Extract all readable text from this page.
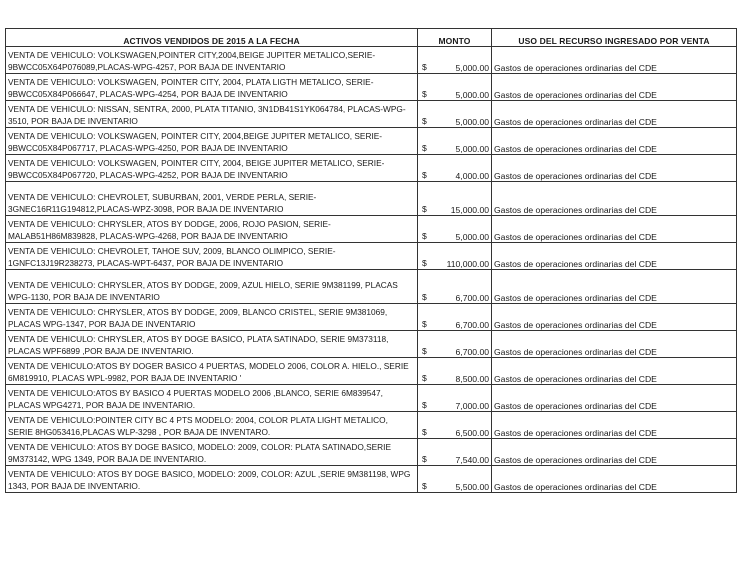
ACTIVOS VENDIDOS DE 2015 A LA FECHA	MONTO	USO DEL RECURSO INGRESADO POR VENTA
VENTA DE VEHICULO: VOLKSWAGEN,POINTER CITY,2004,BEIGE JUPITER METALICO,SERIE-9BWCC05X64P076089,PLACAS-WPG-4257, POR BAJA DE INVENTARIO	$ 5,000.00	Gastos de operaciones ordinarias del CDE
VENTA DE VEHICULO: VOLKSWAGEN, POINTER CITY, 2004, PLATA LIGTH METALICO, SERIE-9BWCC05X84P066647, PLACAS-WPG-4254, POR BAJA DE INVENTARIO	$ 5,000.00	Gastos de operaciones ordinarias del CDE
VENTA DE VEHICULO: NISSAN, SENTRA, 2000, PLATA TITANIO, 3N1DB41S1YK064784, PLACAS-WPG-3510, POR BAJA DE INVENTARIO	$ 5,000.00	Gastos de operaciones ordinarias del CDE
VENTA DE VEHICULO: VOLKSWAGEN, POINTER CITY, 2004,BEIGE JUPITER METALICO, SERIE-9BWCC05X84P067717, PLACAS-WPG-4250, POR BAJA DE INVENTARIO	$ 5,000.00	Gastos de operaciones ordinarias del CDE
VENTA DE VEHICULO: VOLKSWAGEN, POINTER CITY, 2004, BEIGE JUPITER METALICO, SERIE-9BWCC05X84P067720, PLACAS-WPG-4252, POR BAJA DE INVENTARIO	$ 4,000.00	Gastos de operaciones ordinarias del CDE
VENTA DE VEHICULO: CHEVROLET, SUBURBAN, 2001, VERDE PERLA, SERIE-3GNEC16R11G194812,PLACAS-WPZ-3098, POR BAJA DE INVENTARIO	$ 15,000.00	Gastos de operaciones ordinarias del CDE
VENTA DE VEHICULO: CHRYSLER, ATOS BY DODGE, 2006, ROJO PASION, SERIE-MALAB51H86M839828, PLACAS-WPG-4268, POR BAJA DE INVENTARIO	$ 5,000.00	Gastos de operaciones ordinarias del CDE
VENTA DE VEHICULO: CHEVROLET, TAHOE SUV, 2009, BLANCO OLIMPICO, SERIE-1GNFC13J19R238273, PLACAS-WPT-6437, POR BAJA DE INVENTARIO	$ 110,000.00	Gastos de operaciones ordinarias del CDE
VENTA DE VEHICULO: CHRYSLER, ATOS BY DODGE, 2009, AZUL HIELO, SERIE 9M381199, PLACAS WPG-1130, POR BAJA DE INVENTARIO	$ 6,700.00	Gastos de operaciones ordinarias del CDE
VENTA DE VEHICULO: CHRYSLER, ATOS BY DODGE, 2009, BLANCO CRISTEL, SERIE 9M381069, PLACAS WPG-1347, POR BAJA DE INVENTARIO	$ 6,700.00	Gastos de operaciones ordinarias del CDE
VENTA DE VEHICULO: CHRYSLER, ATOS BY DOGE BASICO, PLATA SATINADO, SERIE 9M373118, PLACAS WPF6899 ,POR BAJA DE INVENTARIO.	$ 6,700.00	Gastos de operaciones ordinarias del CDE
VENTA DE VEHICULO:ATOS BY DOGER BASICO 4 PUERTAS, MODELO 2006, COLOR A. HIELO., SERIE 6M819910, PLACAS WPL-9982, POR BAJA DE INVENTARIO '	$ 8,500.00	Gastos de operaciones ordinarias del CDE
VENTA DE VEHICULO:ATOS BY BASICO 4 PUERTAS MODELO 2006 ,BLANCO, SERIE 6M839547, PLACAS WPG4271, POR BAJA DE INVENTARIO.	$ 7,000.00	Gastos de operaciones ordinarias del CDE
VENTA DE VEHICULO:POINTER CITY BC 4 PTS MODELO: 2004, COLOR PLATA LIGHT METALICO, SERIE 8HG053416,PLACAS WLP-3298 , POR BAJA DE INVENTARO.	$ 6,500.00	Gastos de operaciones ordinarias del CDE
VENTA DE VEHICULO: ATOS BY DOGE BASICO, MODELO: 2009, COLOR: PLATA SATINADO,SERIE 9M373142, WPG 1349, POR BAJA DE INVENTARIO.	$ 7,540.00	Gastos de operaciones ordinarias del CDE
VENTA DE VEHICULO: ATOS BY DOGE BASICO, MODELO: 2009, COLOR: AZUL ,SERIE 9M381198, WPG 1343, POR BAJA DE INVENTARIO.	$ 5,500.00	Gastos de operaciones ordinarias del CDE
